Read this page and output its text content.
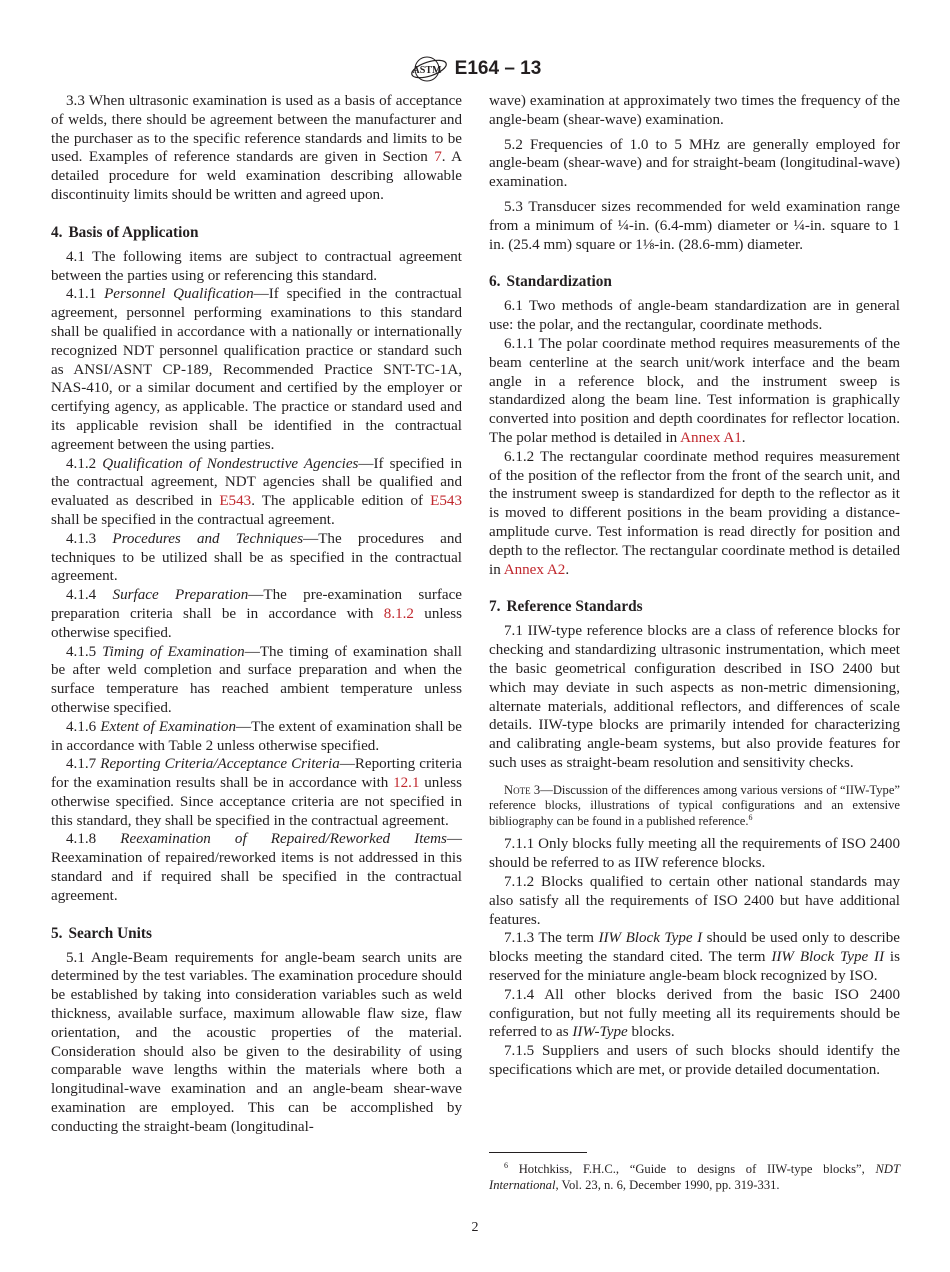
ASTM E164 – 13

3.3 When ultrasonic examination is used as a basis of acceptance of welds, there should be agreement between the manufacturer and the purchaser as to the specific reference standards and limits to be used. Examples of reference standards are given in Section 7. A detailed procedure for weld examination describing allowable discontinuity limits should be written and agreed upon.

4. Basis of Application

4.1 The following items are subject to contractual agreement between the parties using or referencing this standard.

4.1.1 Personnel Qualification—If specified in the contractual agreement, personnel performing examinations to this standard shall be qualified in accordance with a nationally or internationally recognized NDT personnel qualification practice or standard such as ANSI/ASNT CP-189, Recommended Practice SNT-TC-1A, NAS-410, or a similar document and certified by the employer or certifying agency, as applicable. The practice or standard used and its applicable revision shall be identified in the contractual agreement between the using parties.

4.1.2 Qualification of Nondestructive Agencies—If specified in the contractual agreement, NDT agencies shall be qualified and evaluated as described in E543. The applicable edition of E543 shall be specified in the contractual agreement.

4.1.3 Procedures and Techniques—The procedures and techniques to be utilized shall be as specified in the contractual agreement.

4.1.4 Surface Preparation—The pre-examination surface preparation criteria shall be in accordance with 8.1.2 unless otherwise specified.

4.1.5 Timing of Examination—The timing of examination shall be after weld completion and surface preparation and when the surface temperature has reached ambient temperature unless otherwise specified.

4.1.6 Extent of Examination—The extent of examination shall be in accordance with Table 2 unless otherwise specified.

4.1.7 Reporting Criteria/Acceptance Criteria—Reporting criteria for the examination results shall be in accordance with 12.1 unless otherwise specified. Since acceptance criteria are not specified in this standard, they shall be specified in the contractual agreement.

4.1.8 Reexamination of Repaired/Reworked Items—Reexamination of repaired/reworked items is not addressed in this standard and if required shall be specified in the contractual agreement.

5. Search Units

5.1 Angle-Beam requirements for angle-beam search units are determined by the test variables. The examination procedure should be established by taking into consideration variables such as weld thickness, available surface, maximum allowable flaw size, flaw orientation, and the acoustic properties of the material. Consideration should also be given to the desirability of using comparable wave lengths within the materials where both a longitudinal-wave examination and an angle-beam shear-wave examination are employed. This can be accomplished by conducting the straight-beam (longitudinal-

wave) examination at approximately two times the frequency of the angle-beam (shear-wave) examination.

5.2 Frequencies of 1.0 to 5 MHz are generally employed for angle-beam (shear-wave) and for straight-beam (longitudinal-wave) examination.

5.3 Transducer sizes recommended for weld examination range from a minimum of ¼-in. (6.4-mm) diameter or ¼-in. square to 1 in. (25.4 mm) square or 1⅛-in. (28.6-mm) diameter.

6. Standardization

6.1 Two methods of angle-beam standardization are in general use: the polar, and the rectangular, coordinate methods.

6.1.1 The polar coordinate method requires measurements of the beam centerline at the search unit/work interface and the beam angle in a reference block, and the instrument sweep is standardized along the beam line. Test information is graphically converted into position and depth coordinates for reflector location. The polar method is detailed in Annex A1.

6.1.2 The rectangular coordinate method requires measurement of the position of the reflector from the front of the search unit, and the instrument sweep is standardized for depth to the reflector as it is moved to different positions in the beam providing a distance-amplitude curve. Test information is read directly for position and depth to the reflector. The rectangular coordinate method is detailed in Annex A2.

7. Reference Standards

7.1 IIW-type reference blocks are a class of reference blocks for checking and standardizing ultrasonic instrumentation, which meet the basic geometrical configuration described in ISO 2400 but which may deviate in such aspects as non-metric dimensioning, alternate materials, additional reflectors, and differences of scale details. IIW-type blocks are primarily intended for characterizing and calibrating angle-beam systems, but also provide features for such uses as straight-beam resolution and sensitivity checks.

Note 3—Discussion of the differences among various versions of “IIW-Type” reference blocks, illustrations of typical configurations and an extensive bibliography can be found in a published reference.$^6$

7.1.1 Only blocks fully meeting all the requirements of ISO 2400 should be referred to as IIW reference blocks.

7.1.2 Blocks qualified to certain other national standards may also satisfy all the requirements of ISO 2400 but have additional features.

7.1.3 The term IIW Block Type I should be used only to describe blocks meeting the standard cited. The term IIW Block Type II is reserved for the miniature angle-beam block recognized by ISO.

7.1.4 All other blocks derived from the basic ISO 2400 configuration, but not fully meeting all its requirements should be referred to as IIW-Type blocks.

7.1.5 Suppliers and users of such blocks should identify the specifications which are met, or provide detailed documentation.

$^6$ Hotchkiss, F.H.C., “Guide to designs of IIW-type blocks”, NDT International, Vol. 23, n. 6, December 1990, pp. 319-331.

2
